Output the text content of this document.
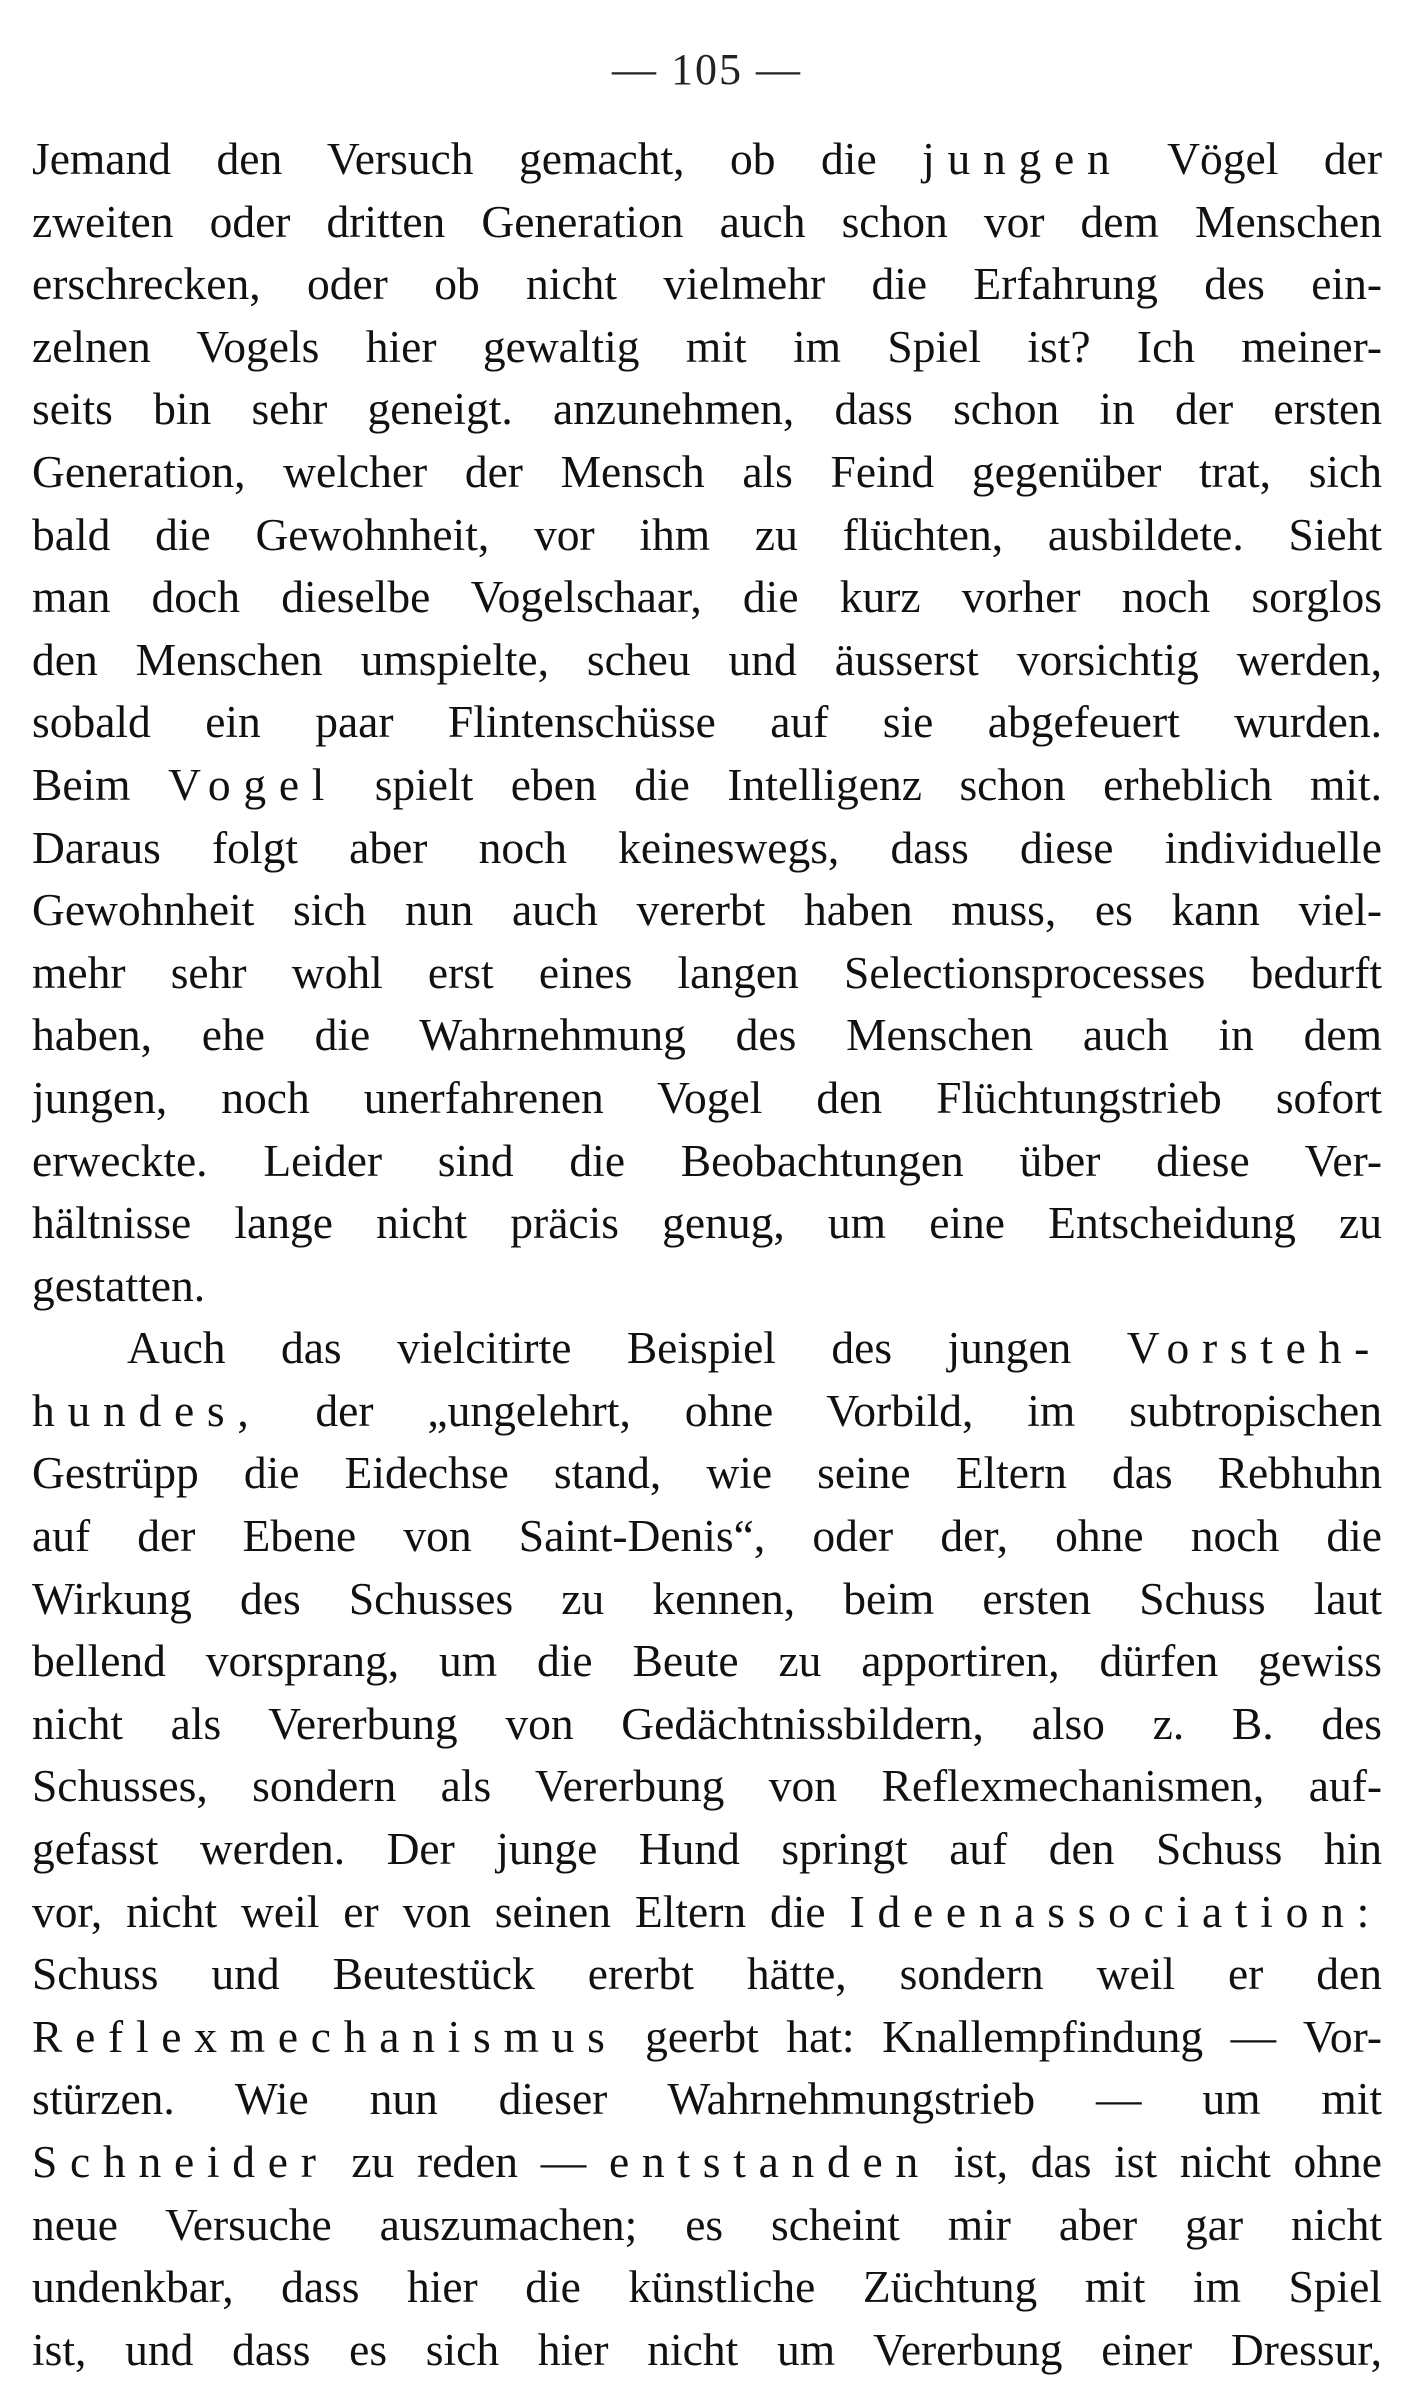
— 105 —
Jemand den Versuch gemacht, ob die jungen Vögel der
zweiten oder dritten Generation auch schon vor dem Menschen
erschrecken, oder ob nicht vielmehr die Erfahrung des ein-
zelnen Vogels hier gewaltig mit im Spiel ist? Ich meiner-
seits bin sehr geneigt. anzunehmen, dass schon in der ersten
Generation, welcher der Mensch als Feind gegenüber trat, sich
bald die Gewohnheit, vor ihm zu flüchten, ausbildete. Sieht
man doch dieselbe Vogelschaar, die kurz vorher noch sorglos
den Menschen umspielte, scheu und äusserst vorsichtig werden,
sobald ein paar Flintenschüsse auf sie abgefeuert wurden.
Beim Vogel spielt eben die Intelligenz schon erheblich mit.
Daraus folgt aber noch keineswegs, dass diese individuelle
Gewohnheit sich nun auch vererbt haben muss, es kann viel-
mehr sehr wohl erst eines langen Selectionsprocesses bedurft
haben, ehe die Wahrnehmung des Menschen auch in dem
jungen, noch unerfahrenen Vogel den Flüchtungstrieb sofort
erweckte. Leider sind die Beobachtungen über diese Ver-
hältnisse lange nicht präcis genug, um eine Entscheidung zu
gestatten.
Auch das vielcitirte Beispiel des jungen Vorsteh-
hundes, der „ungelehrt, ohne Vorbild, im subtropischen
Gestrüpp die Eidechse stand, wie seine Eltern das Rebhuhn
auf der Ebene von Saint-Denis“, oder der, ohne noch die
Wirkung des Schusses zu kennen, beim ersten Schuss laut
bellend vorsprang, um die Beute zu apportiren, dürfen gewiss
nicht als Vererbung von Gedächtnissbildern, also z. B. des
Schusses, sondern als Vererbung von Reflexmechanismen, auf-
gefasst werden. Der junge Hund springt auf den Schuss hin
vor, nicht weil er von seinen Eltern die Ideenassociation:
Schuss und Beutestück ererbt hätte, sondern weil er den
Reflexmechanismus geerbt hat: Knallempfindung — Vor-
stürzen. Wie nun dieser Wahrnehmungstrieb — um mit
Schneider zu reden — entstanden ist, das ist nicht ohne
neue Versuche auszumachen; es scheint mir aber gar nicht
undenkbar, dass hier die künstliche Züchtung mit im Spiel
ist, und dass es sich hier nicht um Vererbung einer Dressur,
